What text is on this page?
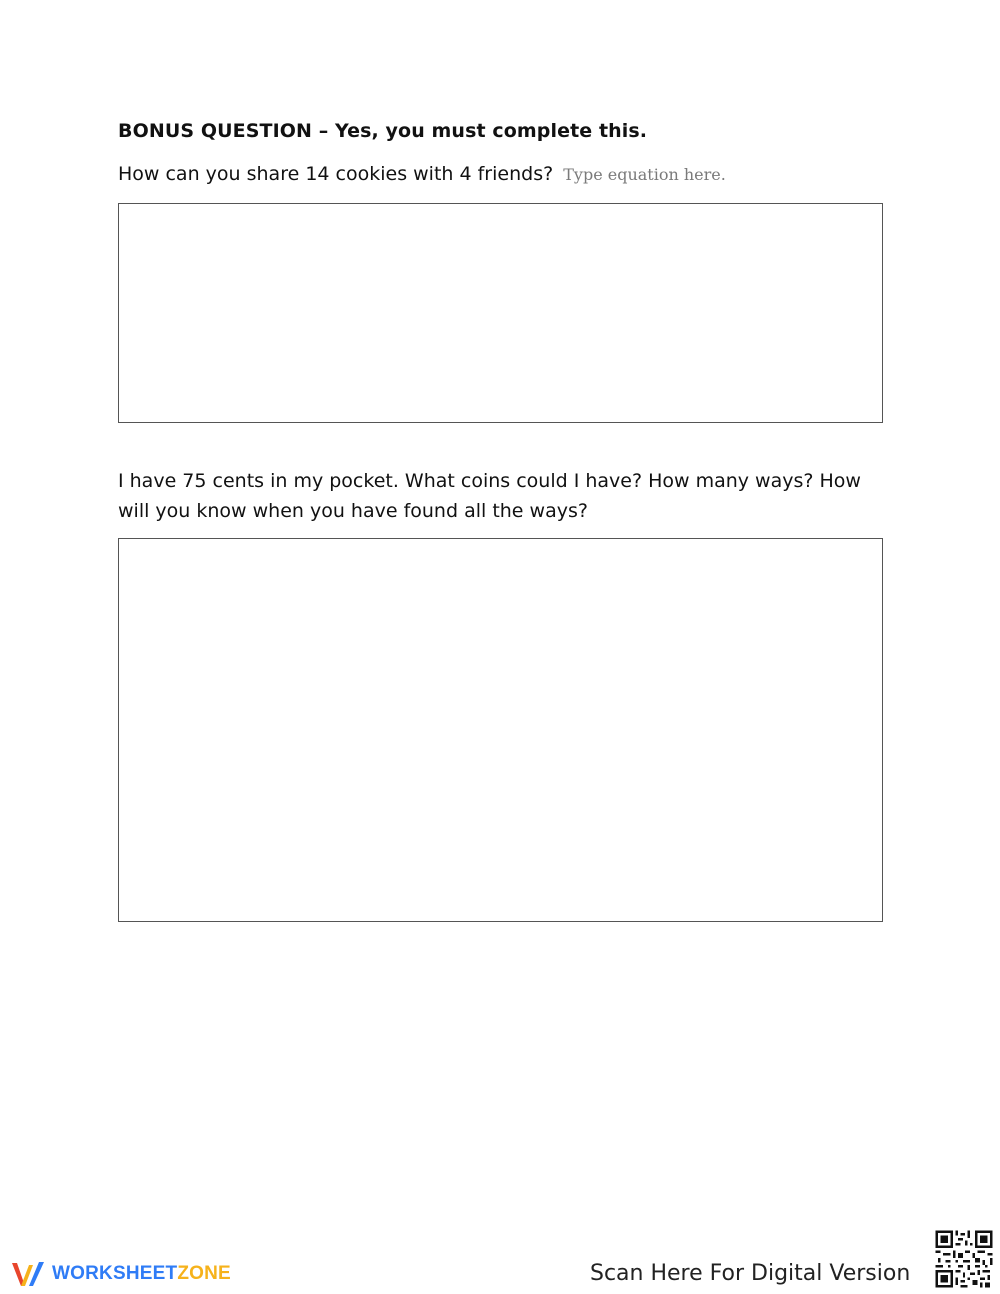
BONUS QUESTION – Yes, you must complete this.
How can you share 14 cookies with 4 friends? Type equation here.
I have 75 cents in my pocket. What coins could I have? How many ways? How will you know when you have found all the ways?
WORKSHEETZONE	Scan Here For Digital Version
